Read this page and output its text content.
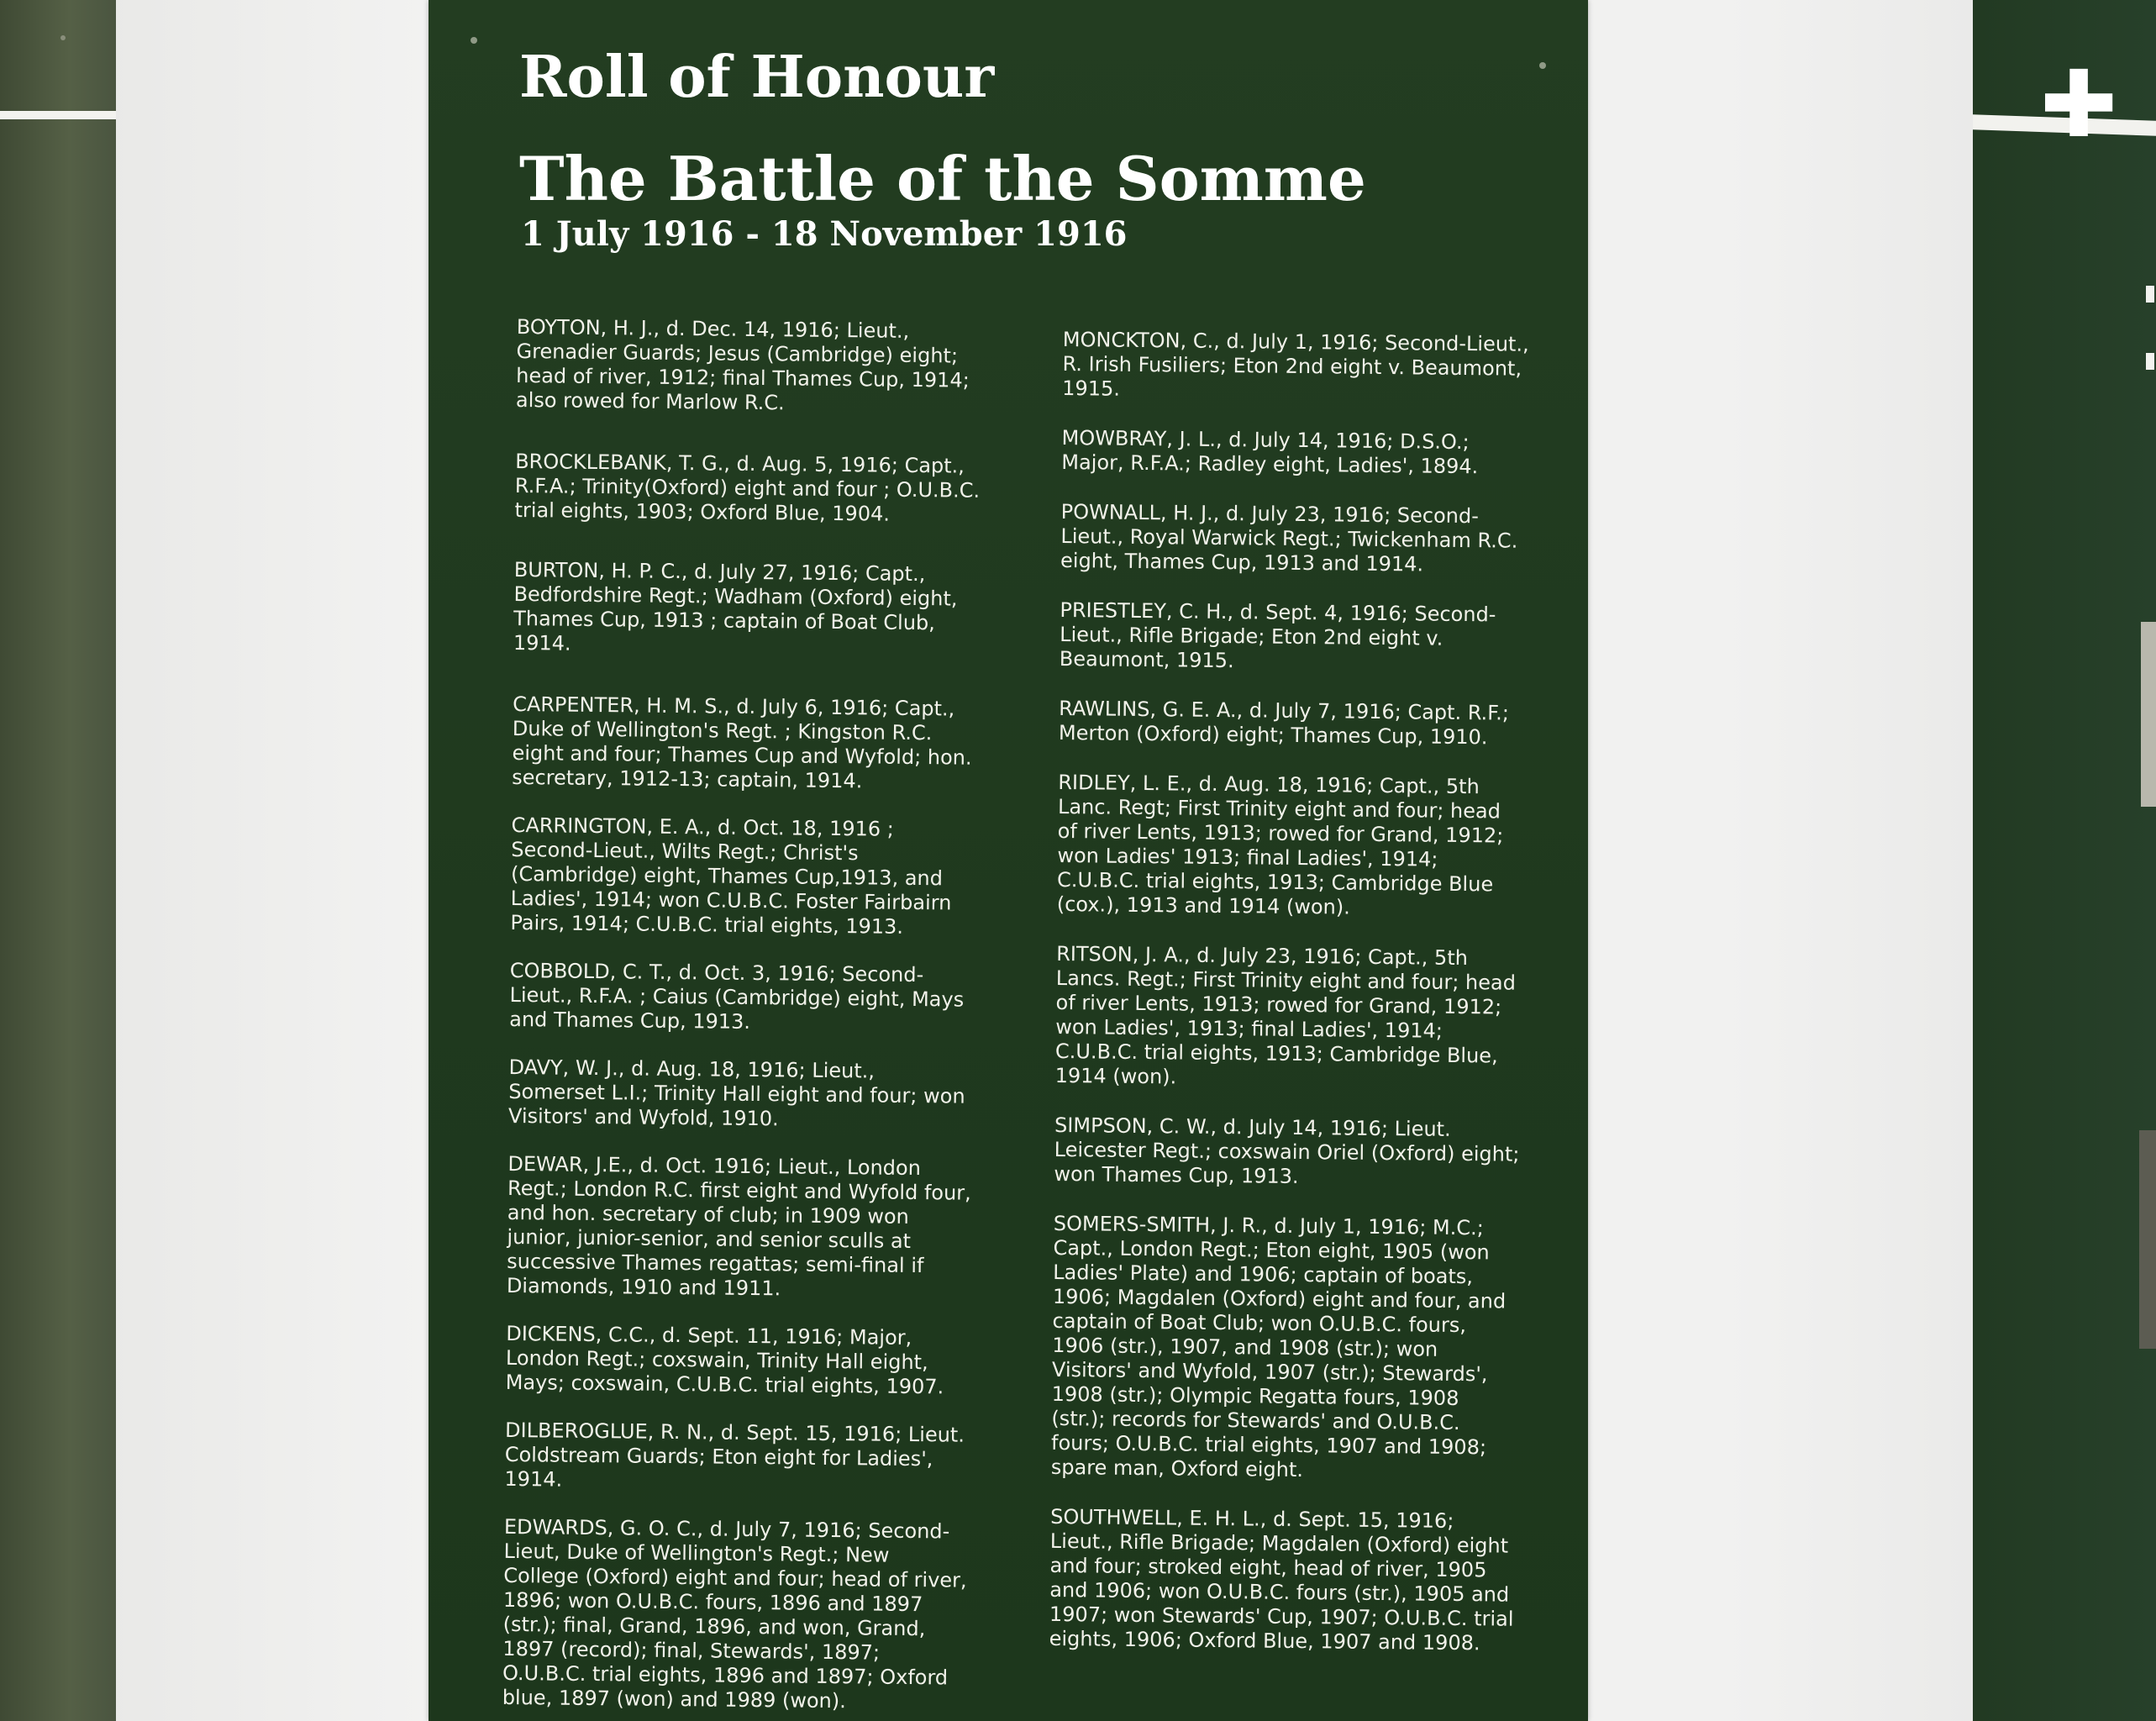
Roll of Honour
The Battle of the Somme
1 July 1916 - 18 November 1916

BOYTON, H. J., d. Dec. 14, 1916; Lieut., Grenadier Guards; Jesus (Cambridge) eight; head of river, 1912; final Thames Cup, 1914; also rowed for Marlow R.C.

BROCKLEBANK, T. G., d. Aug. 5, 1916; Capt., R.F.A.; Trinity(Oxford) eight and four ; O.U.B.C. trial eights, 1903; Oxford Blue, 1904.

BURTON, H. P. C., d. July 27, 1916; Capt., Bedfordshire Regt.; Wadham (Oxford) eight, Thames Cup, 1913 ; captain of Boat Club, 1914.

CARPENTER, H. M. S., d. July 6, 1916; Capt., Duke of Wellington's Regt. ; Kingston R.C. eight and four; Thames Cup and Wyfold; hon. secretary, 1912-13; captain, 1914.

CARRINGTON, E. A., d. Oct. 18, 1916 ; Second-Lieut., Wilts Regt.; Christ's (Cambridge) eight, Thames Cup,1913, and Ladies', 1914; won C.U.B.C. Foster Fairbairn Pairs, 1914; C.U.B.C. trial eights, 1913.

COBBOLD, C. T., d. Oct. 3, 1916; Second-Lieut., R.F.A. ; Caius (Cambridge) eight, Mays and Thames Cup, 1913.

DAVY, W. J., d. Aug. 18, 1916; Lieut., Somerset L.I.; Trinity Hall eight and four; won Visitors' and Wyfold, 1910.

DEWAR, J.E., d. Oct. 1916; Lieut., London Regt.; London R.C. first eight and Wyfold four, and hon. secretary of club; in 1909 won junior, junior-senior, and senior sculls at successive Thames regattas; semi-final if Diamonds, 1910 and 1911.

DICKENS, C.C., d. Sept. 11, 1916; Major, London Regt.; coxswain, Trinity Hall eight, Mays; coxswain, C.U.B.C. trial eights, 1907.

DILBEROGLUE, R. N., d. Sept. 15, 1916; Lieut. Coldstream Guards; Eton eight for Ladies', 1914.

EDWARDS, G. O. C., d. July 7, 1916; Second-Lieut, Duke of Wellington's Regt.; New College (Oxford) eight and four; head of river, 1896; won O.U.B.C. fours, 1896 and 1897 (str.); final, Grand, 1896, and won, Grand, 1897 (record); final, Stewards', 1897; O.U.B.C. trial eights, 1896 and 1897; Oxford blue, 1897 (won) and 1989 (won).

MONCKTON, C., d. July 1, 1916; Second-Lieut., R. Irish Fusiliers; Eton 2nd eight v. Beaumont, 1915.

MOWBRAY, J. L., d. July 14, 1916; D.S.O.; Major, R.F.A.; Radley eight, Ladies', 1894.

POWNALL, H. J., d. July 23, 1916; Second-Lieut., Royal Warwick Regt.; Twickenham R.C. eight, Thames Cup, 1913 and 1914.

PRIESTLEY, C. H., d. Sept. 4, 1916; Second-Lieut., Rifle Brigade; Eton 2nd eight v. Beaumont, 1915.

RAWLINS, G. E. A., d. July 7, 1916; Capt. R.F.; Merton (Oxford) eight; Thames Cup, 1910.

RIDLEY, L. E., d. Aug. 18, 1916; Capt., 5th Lanc. Regt; First Trinity eight and four; head of river Lents, 1913; rowed for Grand, 1912; won Ladies' 1913; final Ladies', 1914; C.U.B.C. trial eights, 1913; Cambridge Blue (cox.), 1913 and 1914 (won).

RITSON, J. A., d. July 23, 1916; Capt., 5th Lancs. Regt.; First Trinity eight and four; head of river Lents, 1913; rowed for Grand, 1912; won Ladies', 1913; final Ladies', 1914; C.U.B.C. trial eights, 1913; Cambridge Blue, 1914 (won).

SIMPSON, C. W., d. July 14, 1916; Lieut. Leicester Regt.; coxswain Oriel (Oxford) eight; won Thames Cup, 1913.

SOMERS-SMITH, J. R., d. July 1, 1916; M.C.; Capt., London Regt.; Eton eight, 1905 (won Ladies' Plate) and 1906; captain of boats, 1906; Magdalen (Oxford) eight and four, and captain of Boat Club; won O.U.B.C. fours, 1906 (str.), 1907, and 1908 (str.); won Visitors' and Wyfold, 1907 (str.); Stewards', 1908 (str.); Olympic Regatta fours, 1908 (str.); records for Stewards' and O.U.B.C. fours; O.U.B.C. trial eights, 1907 and 1908; spare man, Oxford eight.

SOUTHWELL, E. H. L., d. Sept. 15, 1916; Lieut., Rifle Brigade; Magdalen (Oxford) eight and four; stroked eight, head of river, 1905 and 1906; won O.U.B.C. fours (str.), 1905 and 1907; won Stewards' Cup, 1907; O.U.B.C. trial eights, 1906; Oxford Blue, 1907 and 1908.

✚
